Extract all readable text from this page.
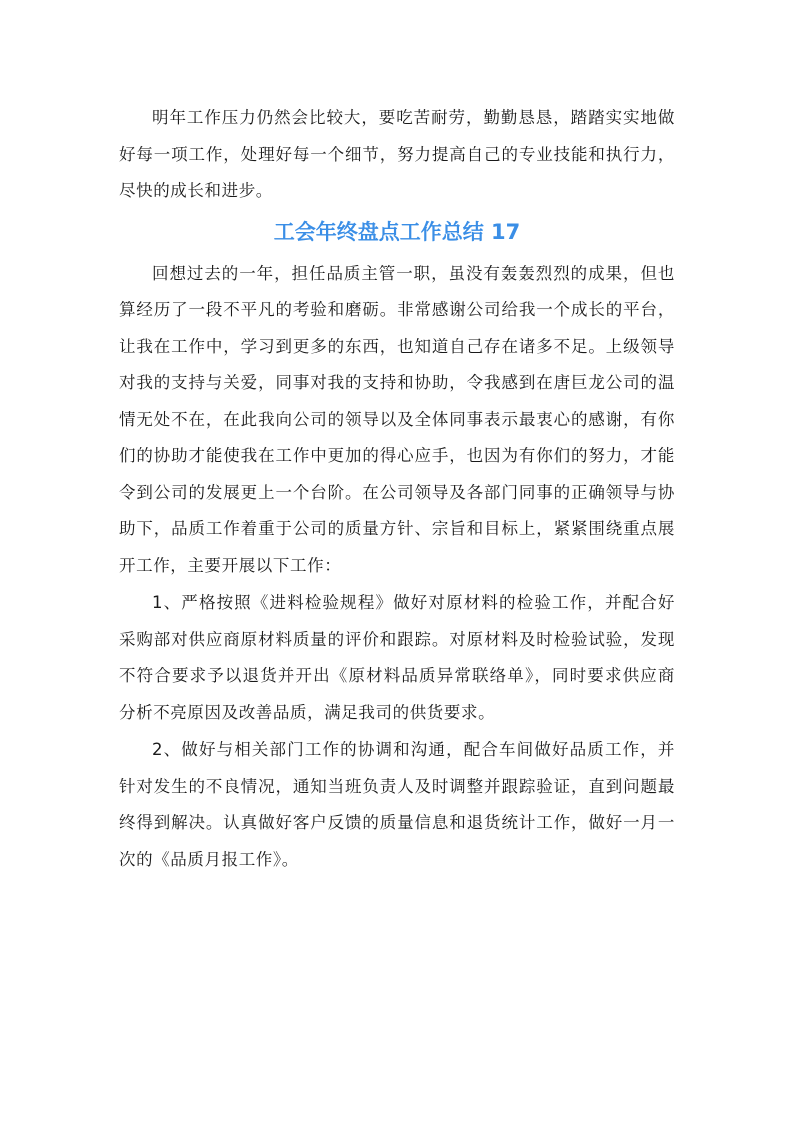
明年工作压力仍然会比较大，要吃苦耐劳，勤勤恳恳，踏踏实实地做好每一项工作，处理好每一个细节，努力提高自己的专业技能和执行力，尽快的成长和进步。

工会年终盘点工作总结 17

回想过去的一年，担任品质主管一职，虽没有轰轰烈烈的成果，但也算经历了一段不平凡的考验和磨砺。非常感谢公司给我一个成长的平台，让我在工作中，学习到更多的东西，也知道自己存在诸多不足。上级领导对我的支持与关爱，同事对我的支持和协助，令我感到在唐巨龙公司的温情无处不在，在此我向公司的领导以及全体同事表示最衷心的感谢，有你们的协助才能使我在工作中更加的得心应手，也因为有你们的努力，才能令到公司的发展更上一个台阶。在公司领导及各部门同事的正确领导与协助下，品质工作着重于公司的质量方针、宗旨和目标上，紧紧围绕重点展开工作，主要开展以下工作：

1、严格按照《进料检验规程》做好对原材料的检验工作，并配合好采购部对供应商原材料质量的评价和跟踪。对原材料及时检验试验，发现不符合要求予以退货并开出《原材料品质异常联络单》，同时要求供应商分析不亮原因及改善品质，满足我司的供货要求。

2、做好与相关部门工作的协调和沟通，配合车间做好品质工作，并针对发生的不良情况，通知当班负责人及时调整并跟踪验证，直到问题最终得到解决。认真做好客户反馈的质量信息和退货统计工作，做好一月一次的《品质月报工作》。
